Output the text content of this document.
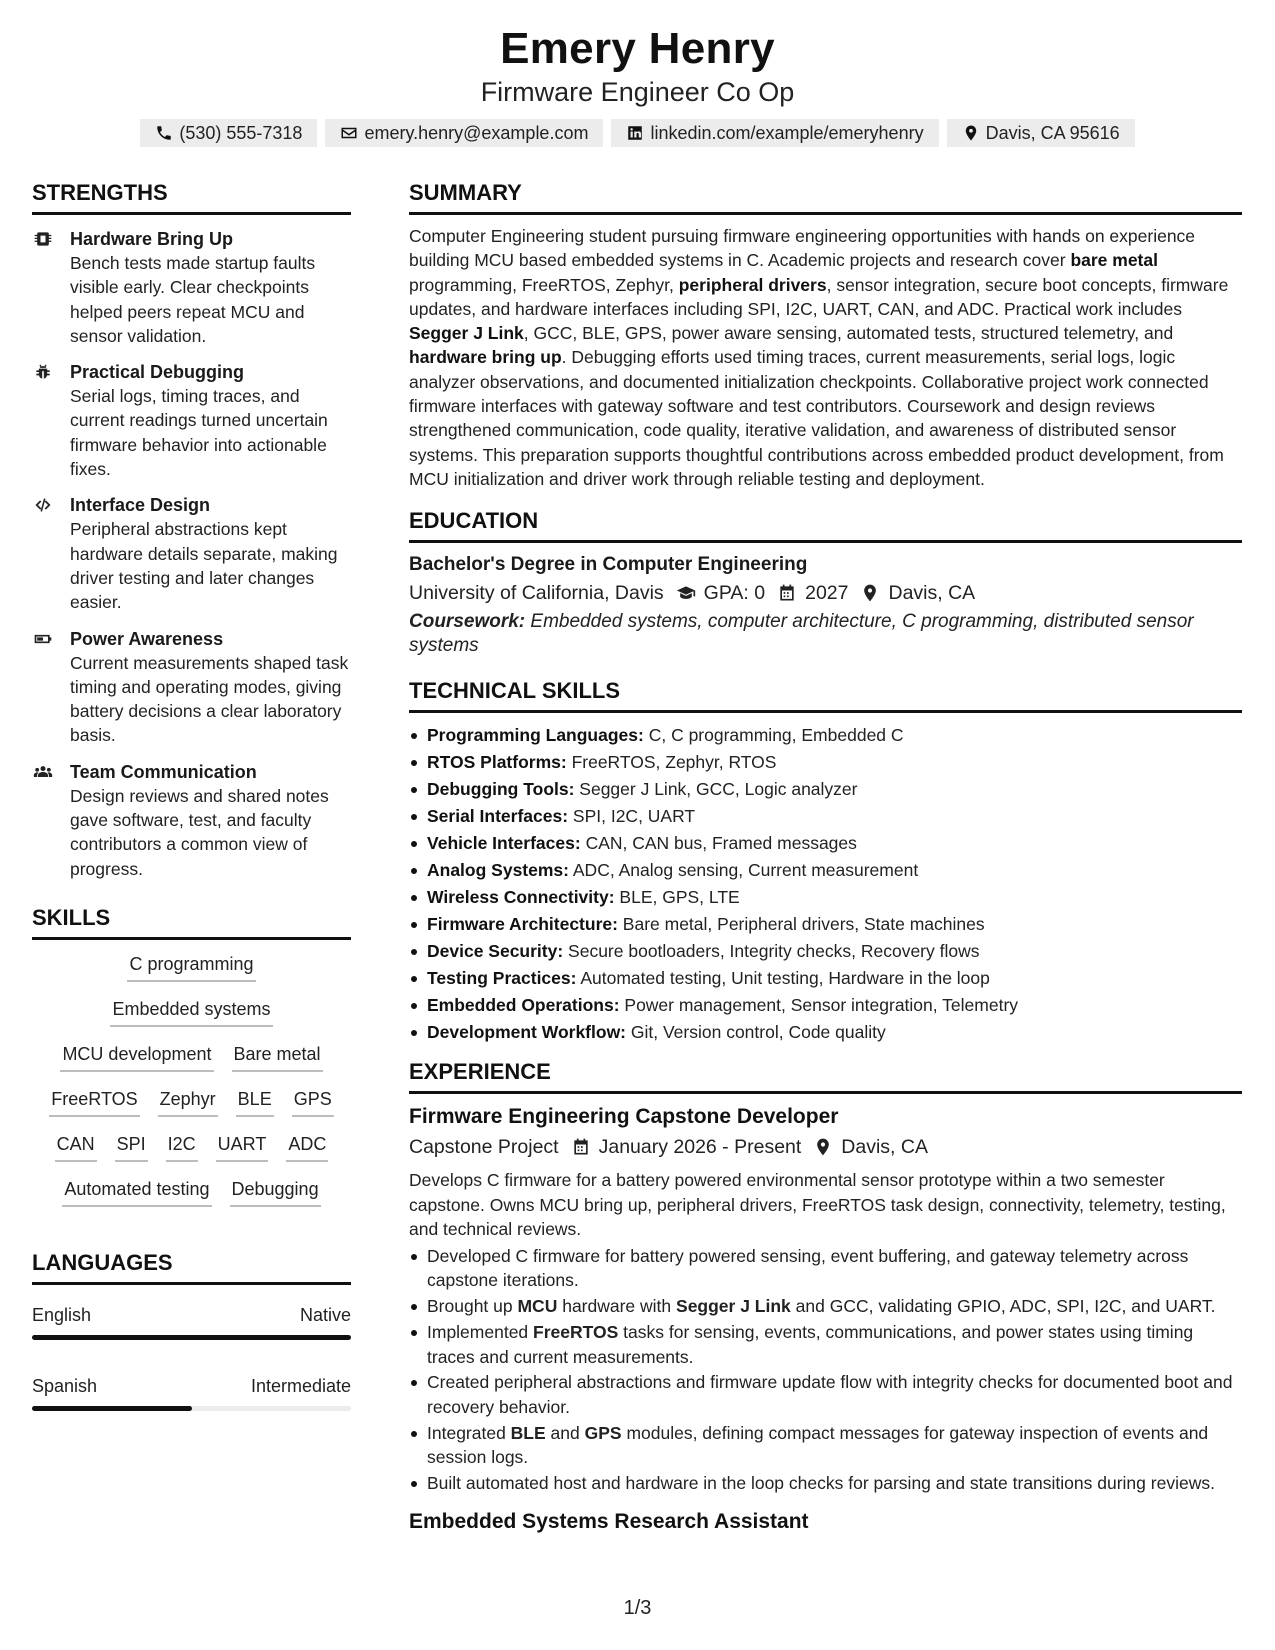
Emery Henry
Firmware Engineer Co Op
(530) 555-7318	emery.henry@example.com	linkedin.com/example/emeryhenry	Davis, CA 95616
STRENGTHS
Hardware Bring Up
Bench tests made startup faults visible early. Clear checkpoints helped peers repeat MCU and sensor validation.
Practical Debugging
Serial logs, timing traces, and current readings turned uncertain firmware behavior into actionable fixes.
Interface Design
Peripheral abstractions kept hardware details separate, making driver testing and later changes easier.
Power Awareness
Current measurements shaped task timing and operating modes, giving battery decisions a clear laboratory basis.
Team Communication
Design reviews and shared notes gave software, test, and faculty contributors a common view of progress.
SKILLS
C programming
Embedded systems
MCU development Bare metal
FreeRTOS Zephyr BLE GPS
CAN SPI I2C UART ADC
Automated testing Debugging
LANGUAGES
English	Native
Spanish	Intermediate
SUMMARY
Computer Engineering student pursuing firmware engineering opportunities with hands on experience building MCU based embedded systems in C. Academic projects and research cover bare metal programming, FreeRTOS, Zephyr, peripheral drivers, sensor integration, secure boot concepts, firmware updates, and hardware interfaces including SPI, I2C, UART, CAN, and ADC. Practical work includes Segger J Link, GCC, BLE, GPS, power aware sensing, automated tests, structured telemetry, and hardware bring up. Debugging efforts used timing traces, current measurements, serial logs, logic analyzer observations, and documented initialization checkpoints. Collaborative project work connected firmware interfaces with gateway software and test contributors. Coursework and design reviews strengthened communication, code quality, iterative validation, and awareness of distributed sensor systems. This preparation supports thoughtful contributions across embedded product development, from MCU initialization and driver work through reliable testing and deployment.
EDUCATION
Bachelor's Degree in Computer Engineering
University of California, Davis GPA: 0 2027 Davis, CA
Coursework: Embedded systems, computer architecture, C programming, distributed sensor systems
TECHNICAL SKILLS
Programming Languages: C, C programming, Embedded C
RTOS Platforms: FreeRTOS, Zephyr, RTOS
Debugging Tools: Segger J Link, GCC, Logic analyzer
Serial Interfaces: SPI, I2C, UART
Vehicle Interfaces: CAN, CAN bus, Framed messages
Analog Systems: ADC, Analog sensing, Current measurement
Wireless Connectivity: BLE, GPS, LTE
Firmware Architecture: Bare metal, Peripheral drivers, State machines
Device Security: Secure bootloaders, Integrity checks, Recovery flows
Testing Practices: Automated testing, Unit testing, Hardware in the loop
Embedded Operations: Power management, Sensor integration, Telemetry
Development Workflow: Git, Version control, Code quality
EXPERIENCE
Firmware Engineering Capstone Developer
Capstone Project January 2026 - Present Davis, CA
Develops C firmware for a battery powered environmental sensor prototype within a two semester capstone. Owns MCU bring up, peripheral drivers, FreeRTOS task design, connectivity, telemetry, testing, and technical reviews.
Developed C firmware for battery powered sensing, event buffering, and gateway telemetry across capstone iterations.
Brought up MCU hardware with Segger J Link and GCC, validating GPIO, ADC, SPI, I2C, and UART.
Implemented FreeRTOS tasks for sensing, events, communications, and power states using timing traces and current measurements.
Created peripheral abstractions and firmware update flow with integrity checks for documented boot and recovery behavior.
Integrated BLE and GPS modules, defining compact messages for gateway inspection of events and session logs.
Built automated host and hardware in the loop checks for parsing and state transitions during reviews.
Embedded Systems Research Assistant
1/3
